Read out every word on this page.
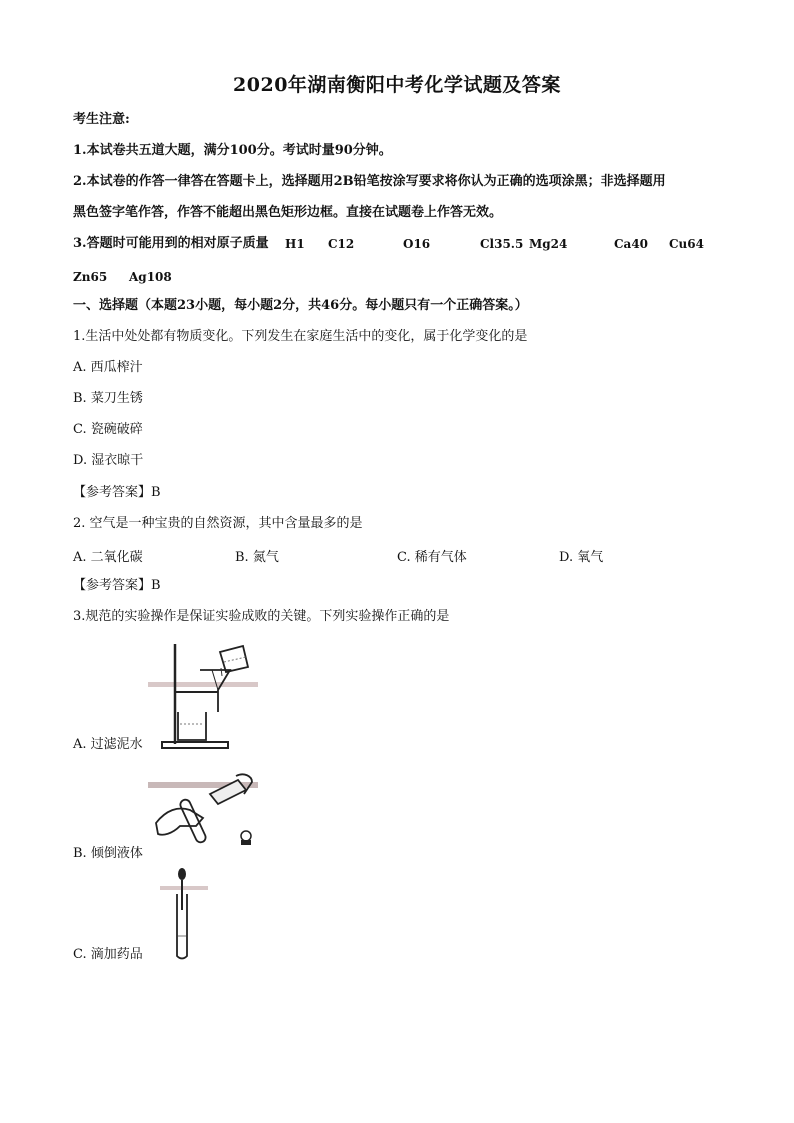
2020年湖南衡阳中考化学试题及答案
考生注意:
1.本试卷共五道大题，满分100分。考试时量90分钟。
2.本试卷的作答一律答在答题卡上，选择题用2B铅笔按涂写要求将你认为正确的选项涂黑；非选择题用
黑色签字笔作答，作答不能超出黑色矩形边框。直接在试题卷上作答无效。
3.答题时可能用到的相对原子质量 H1 C12	O16	Cl35.5 Mg24	Ca40 Cu64
Zn65 Ag108
一、选择题（本题23小题，每小题2分，共46分。每小题只有一个正确答案。）
1.生活中处处都有物质变化。下列发生在家庭生活中的变化，属于化学变化的是
A. 西瓜榨汁
B. 菜刀生锈
C. 瓷碗破碎
D. 湿衣晾干
【参考答案】B
2. 空气是一种宝贵的自然资源，其中含量最多的是
A. 二氧化碳	B. 氮气	C. 稀有气体	D. 氧气
【参考答案】B
3.规范的实验操作是保证实验成败的关键。下列实验操作正确的是
A. 过滤泥水
B. 倾倒液体
C. 滴加药品
